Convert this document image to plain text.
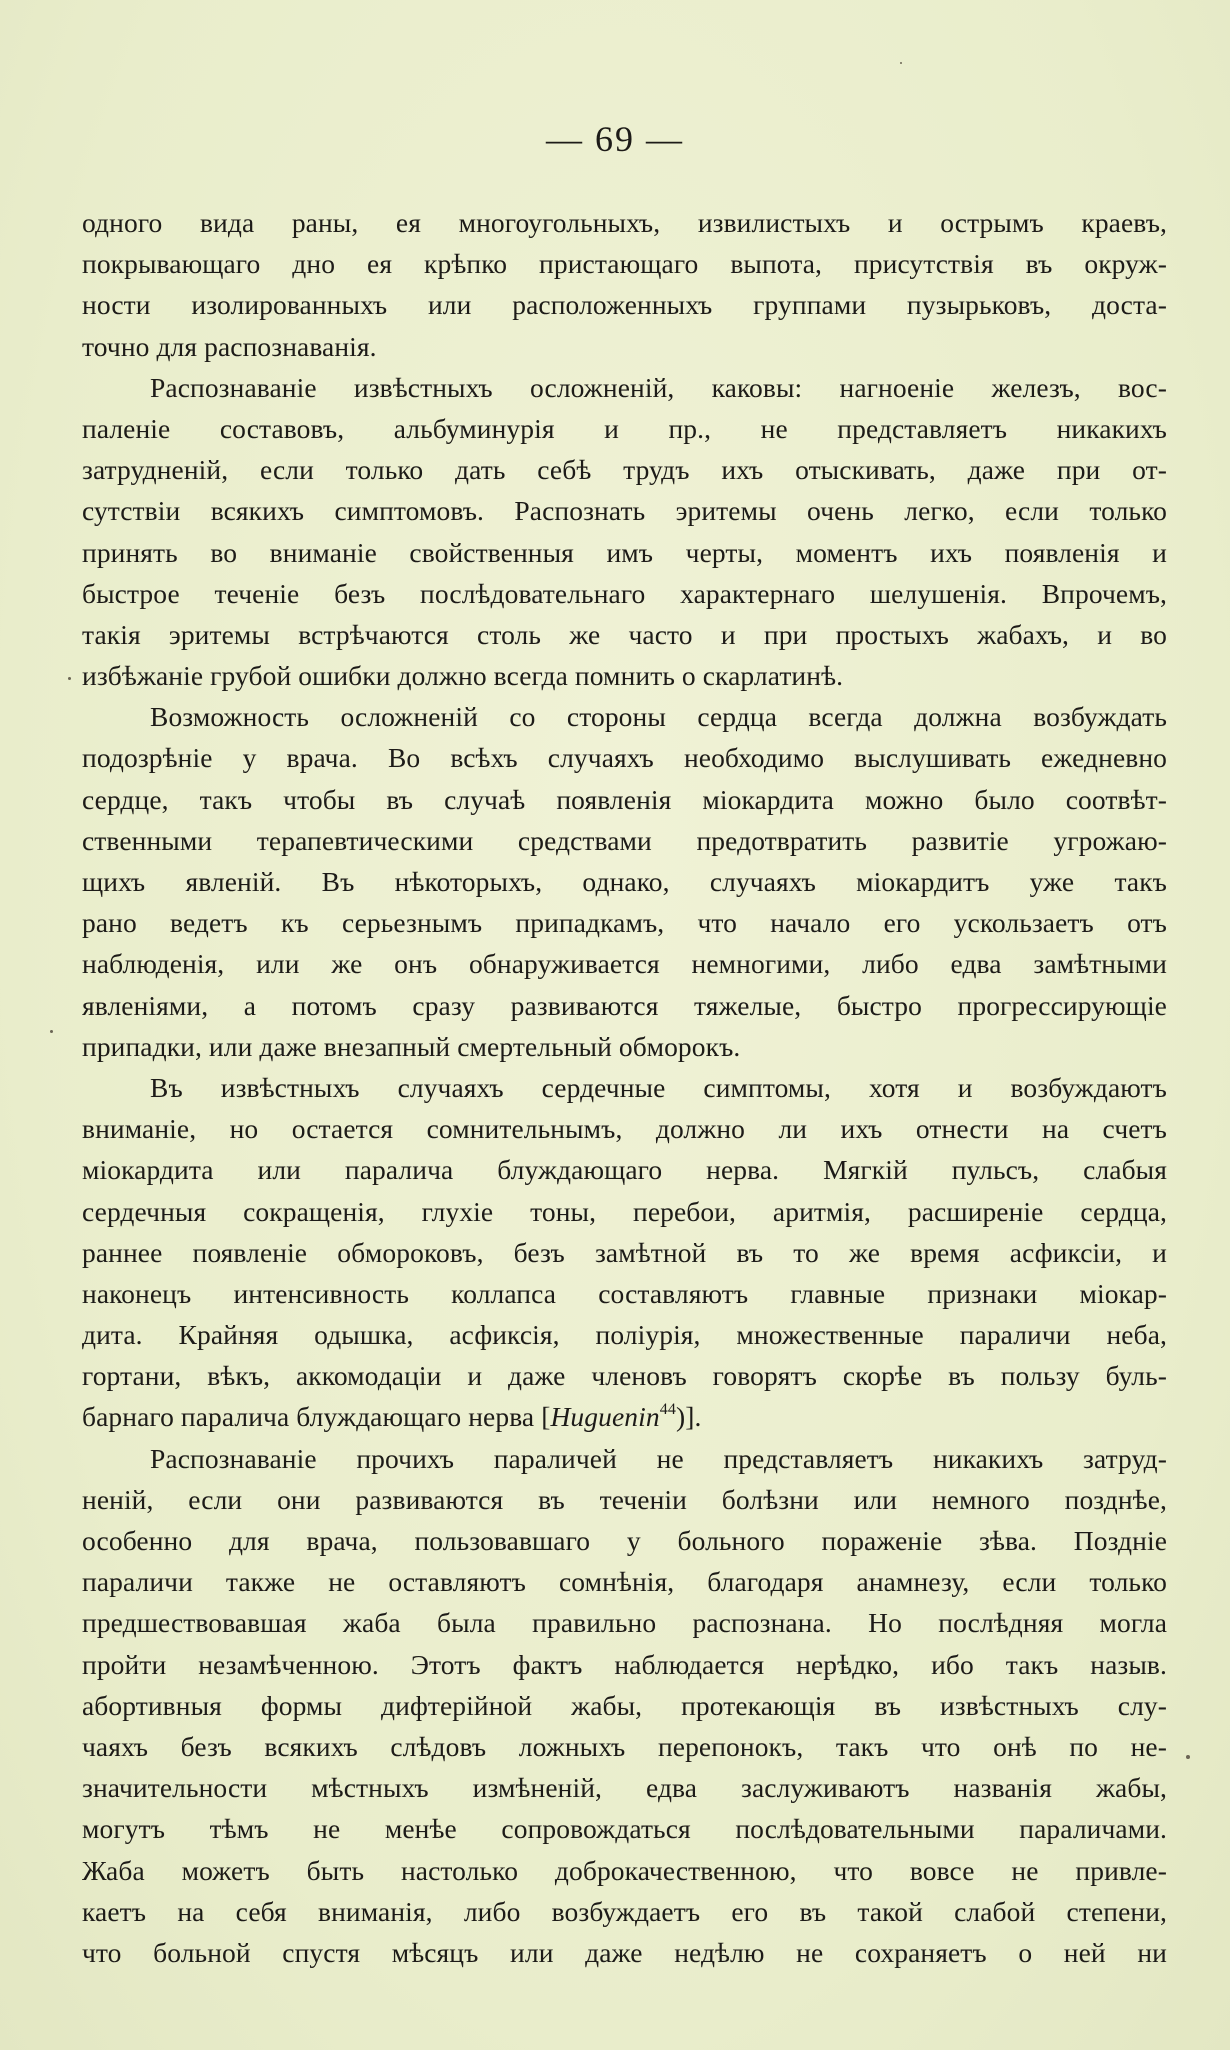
— 69 —
одного вида раны, ея многоугольныхъ, извилистыхъ и острымъ краевъ,
покрывающаго дно ея крѣпко пристающаго выпота, присутствія въ окруж-
ности изолированныхъ или расположенныхъ группами пузырьковъ, доста-
точно для распознаванія.
Распознаваніе извѣстныхъ осложненій, каковы: нагноеніе железъ, вос-
паленіе составовъ, альбуминурія и пр., не представляетъ никакихъ
затрудненій, если только дать себѣ трудъ ихъ отыскивать, даже при от-
сутствіи всякихъ симптомовъ. Распознать эритемы очень легко, если только
принять во вниманіе свойственныя имъ черты, моментъ ихъ появленія и
быстрое теченіе безъ послѣдовательнаго характернаго шелушенія. Впрочемъ,
такія эритемы встрѣчаются столь же часто и при простыхъ жабахъ, и во
избѣжаніе грубой ошибки должно всегда помнить о скарлатинѣ.
Возможность осложненій со стороны сердца всегда должна возбуждать
подозрѣніе у врача. Во всѣхъ случаяхъ необходимо выслушивать ежедневно
сердце, такъ чтобы въ случаѣ появленія міокардита можно было соотвѣт-
ственными терапевтическими средствами предотвратить развитіе угрожаю-
щихъ явленій. Въ нѣкоторыхъ, однако, случаяхъ міокардитъ уже такъ
рано ведетъ къ серьезнымъ припадкамъ, что начало его ускользаетъ отъ
наблюденія, или же онъ обнаруживается немногими, либо едва замѣтными
явленіями, а потомъ сразу развиваются тяжелые, быстро прогрессирующіе
припадки, или даже внезапный смертельный обморокъ.
Въ извѣстныхъ случаяхъ сердечные симптомы, хотя и возбуждаютъ
вниманіе, но остается сомнительнымъ, должно ли ихъ отнести на счетъ
міокардита или паралича блуждающаго нерва. Мягкій пульсъ, слабыя
сердечныя сокращенія, глухіе тоны, перебои, аритмія, расширеніе сердца,
раннее появленіе обмороковъ, безъ замѣтной въ то же время асфиксіи, и
наконецъ интенсивность коллапса составляютъ главные признаки міокар-
дита. Крайняя одышка, асфиксія, поліурія, множественные параличи неба,
гортани, вѣкъ, аккомодаціи и даже членовъ говорятъ скорѣе въ пользу буль-
барнаго паралича блуждающаго нерва [Huguenin$^{44}$)].
Распознаваніе прочихъ параличей не представляетъ никакихъ затруд-
неній, если они развиваются въ теченіи болѣзни или немного позднѣе,
особенно для врача, пользовавшаго у больного пораженіе зѣва. Поздніе
параличи также не оставляютъ сомнѣнія, благодаря анамнезу, если только
предшествовавшая жаба была правильно распознана. Но послѣдняя могла
пройти незамѣченною. Этотъ фактъ наблюдается нерѣдко, ибо такъ назыв.
абортивныя формы дифтерійной жабы, протекающія въ извѣстныхъ слу-
чаяхъ безъ всякихъ слѣдовъ ложныхъ перепонокъ, такъ что онѣ по не-
значительности мѣстныхъ измѣненій, едва заслуживаютъ названія жабы,
могутъ тѣмъ не менѣе сопровождаться послѣдовательными параличами.
Жаба можетъ быть настолько доброкачественною, что вовсе не привле-
каетъ на себя вниманія, либо возбуждаетъ его въ такой слабой степени,
что больной спустя мѣсяцъ или даже недѣлю не сохраняетъ о ней ни
